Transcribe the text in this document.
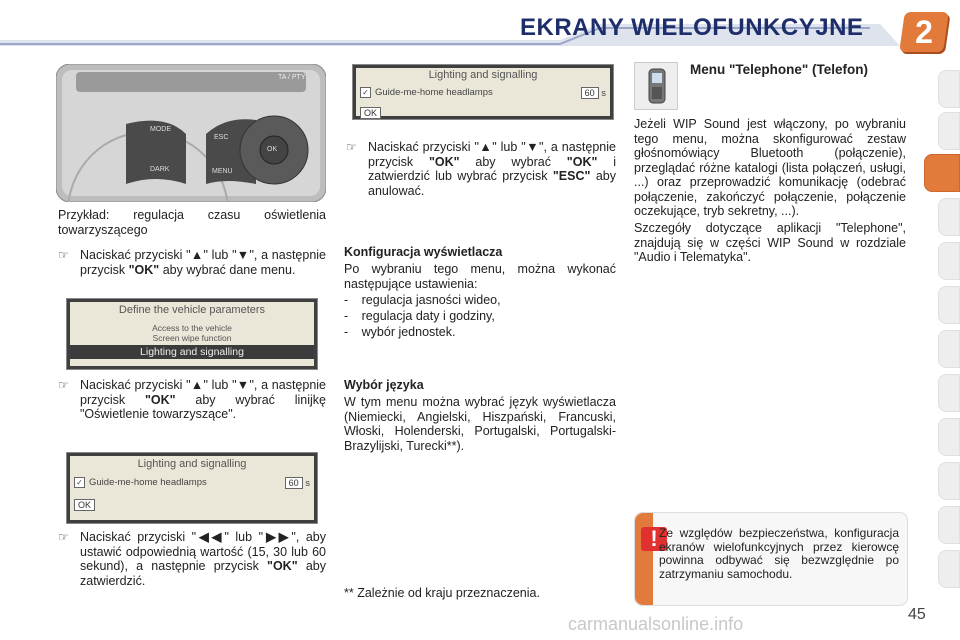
EKRANY WIELOFUNKCYJNE	2
TA / PTY
MODE
DARK
ESC
MENU
OK
Przykład: regulacja czasu oświetlenia towarzyszącego
☞ Naciskać przyciski "▲" lub "▼", a następnie przycisk "OK" aby wybrać dane menu.
Define the vehicle parameters
Access to the vehicle
Screen wipe function
Lighting and signalling
☞ Naciskać przyciski "▲" lub "▼", a następnie przycisk "OK" aby wybrać linijkę "Oświetlenie towarzyszące".
Lighting and signalling
✓ Guide-me-home headlamps	60 s
OK
☞ Naciskać przyciski "◀◀" lub "▶▶", aby ustawić odpowiednią wartość (15, 30 lub 60 sekund), a następnie przycisk "OK" aby zatwierdzić.
Lighting and signalling
✓ Guide-me-home headlamps	60 s
OK
☞ Naciskać przyciski "▲" lub "▼", a następnie przycisk "OK" aby wybrać "OK" i zatwierdzić lub wybrać przycisk "ESC" aby anulować.
Konfiguracja wyświetlacza
Po wybraniu tego menu, można wykonać następujące ustawienia:
- regulacja jasności wideo,
- regulacja daty i godziny,
- wybór jednostek.
Wybór języka
W tym menu można wybrać język wyświetlacza (Niemiecki, Angielski, Hiszpański, Francuski, Włoski, Holenderski, Portugalski, Portugalski-Brazylijski, Turecki**).
** Zależnie od kraju przeznaczenia.
Menu "Telephone" (Telefon)
Jeżeli WIP Sound jest włączony, po wybraniu tego menu, można skonfigurować zestaw głośnomówiący Bluetooth (połączenie), przeglądać różne katalogi (lista połączeń, usługi, ...) oraz przeprowadzić komunikację (odebrać połączenie, zakończyć połączenie, połączenie oczekujące, tryb sekretny, ...).
Szczegóły dotyczące aplikacji "Telephone", znajdują się w części WIP Sound w rozdziale "Audio i Telematyka".
! Ze względów bezpieczeństwa, konfiguracja ekranów wielofunkcyjnych przez kierowcę powinna odbywać się bezwzględnie po zatrzymaniu samochodu.
carmanualsonline.info	45
